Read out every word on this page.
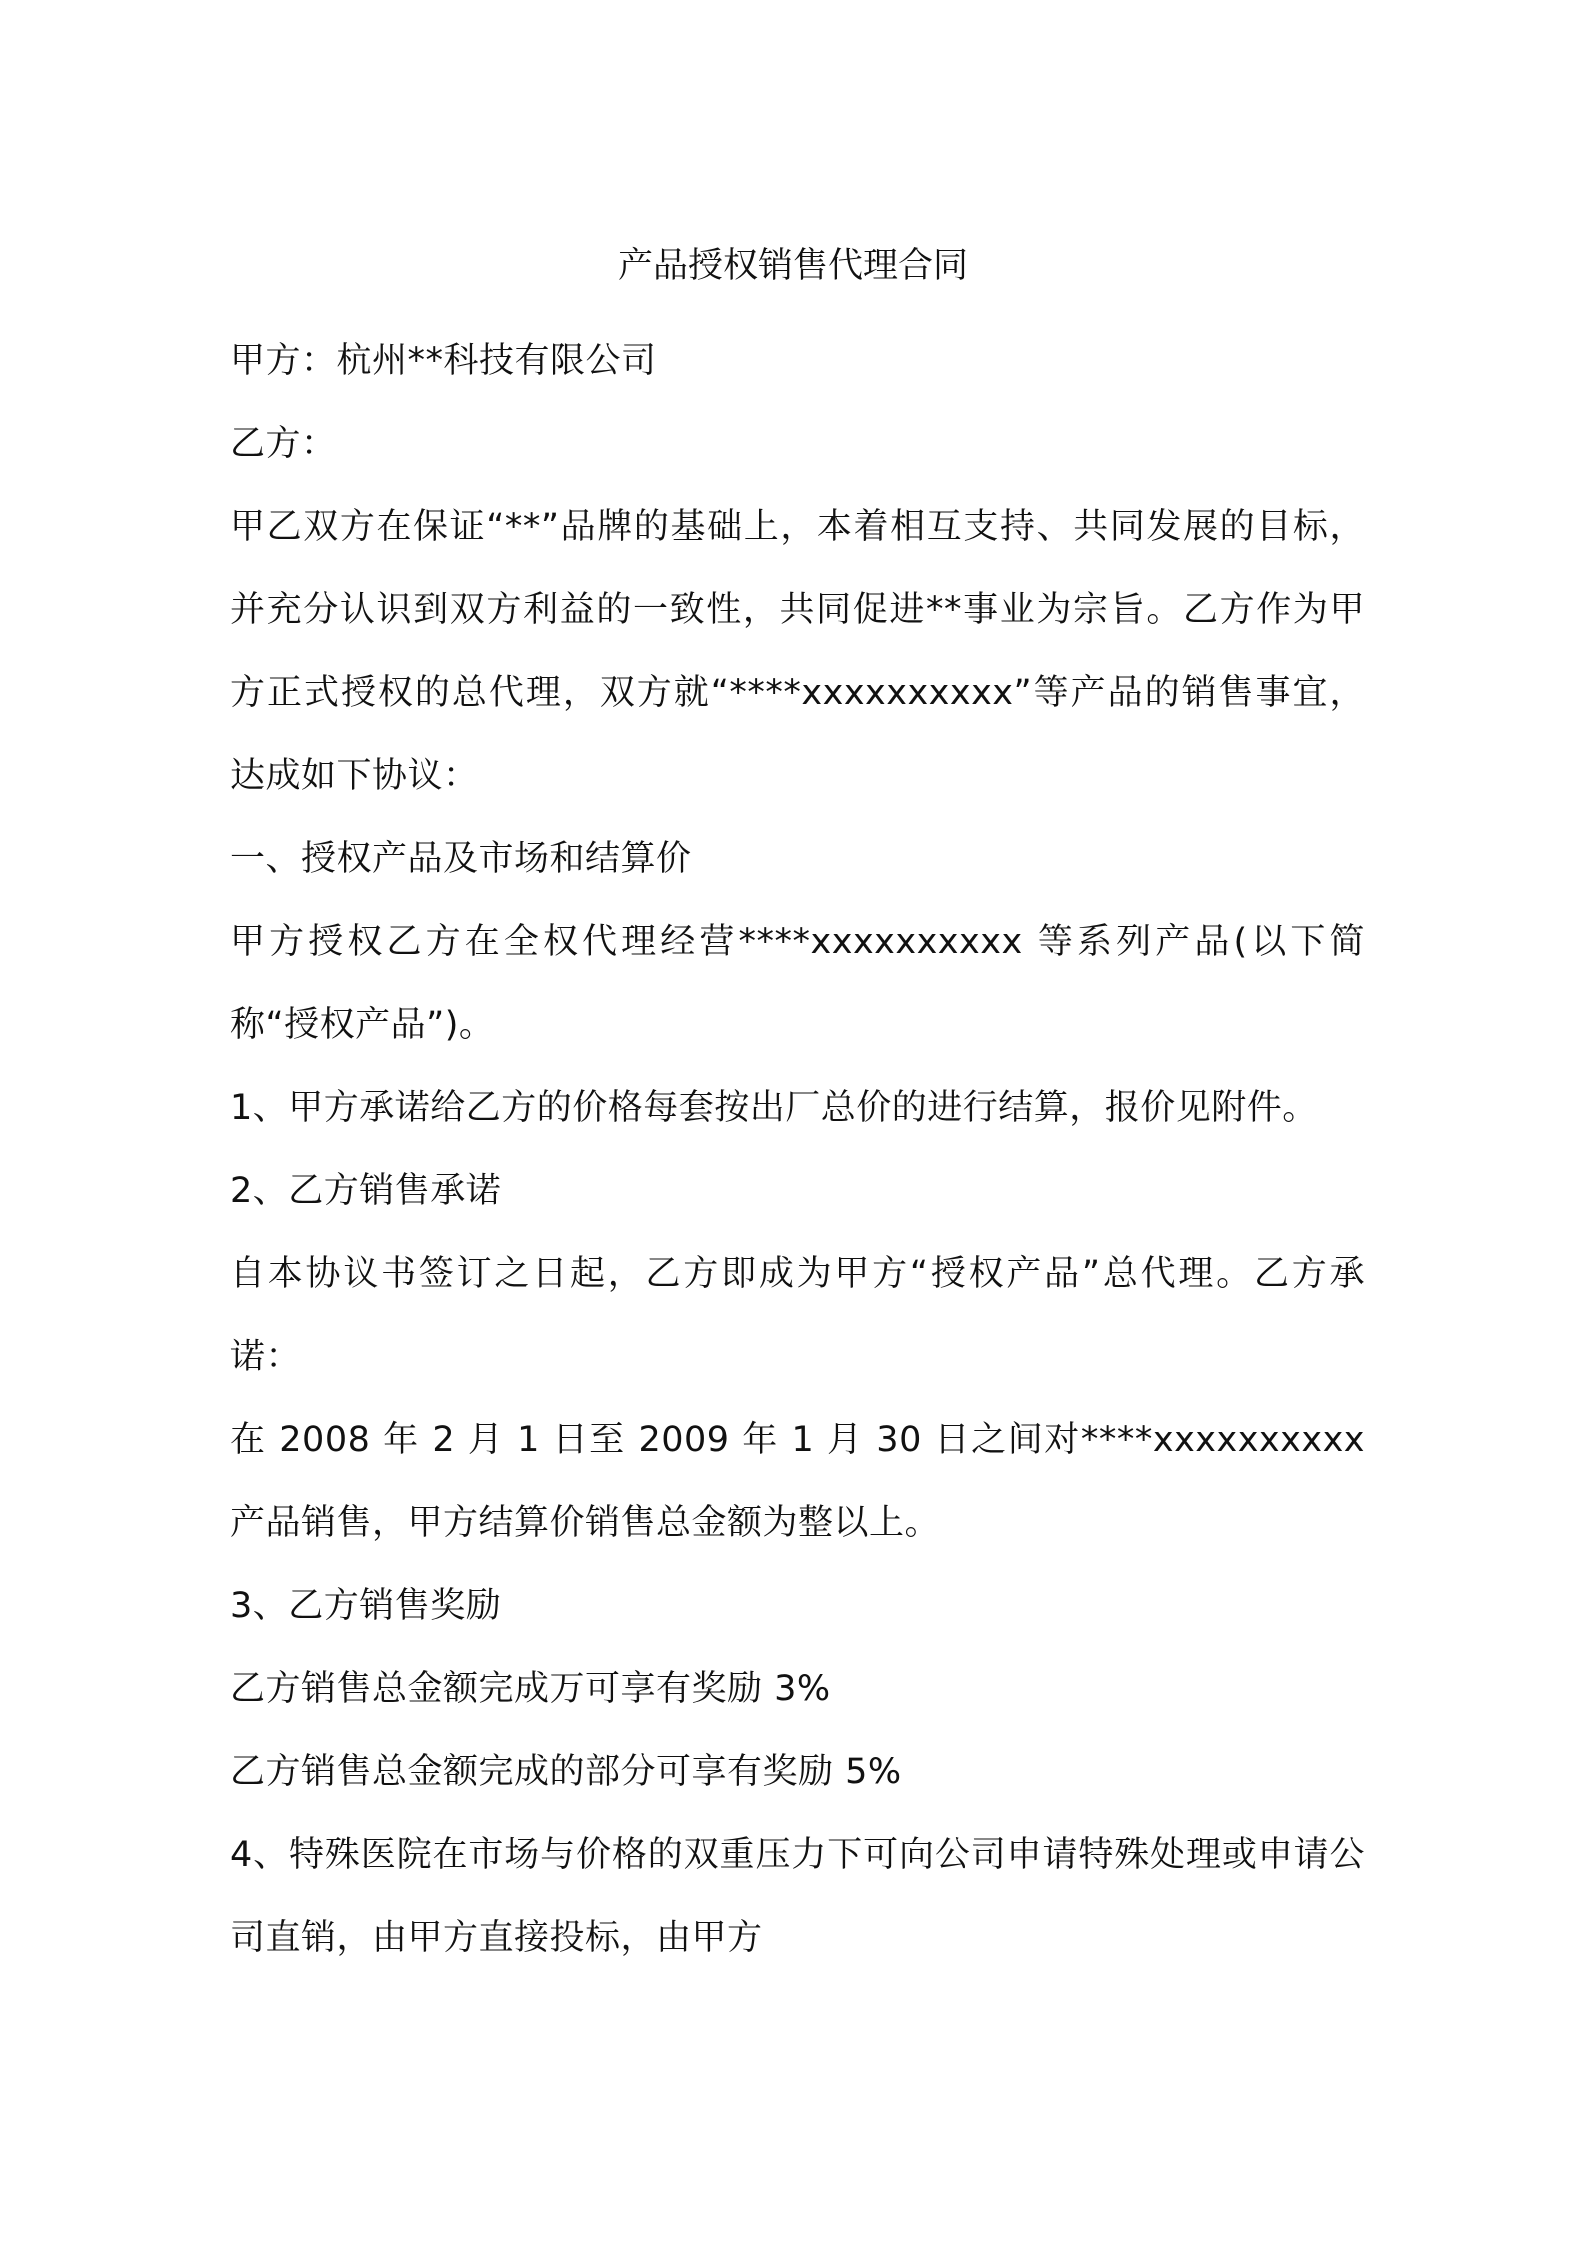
产品授权销售代理合同

甲方：杭州**科技有限公司

乙方：

甲乙双方在保证“**”品牌的基础上，本着相互支持、共同发展的目标，并充分认识到双方利益的一致性，共同促进**事业为宗旨。乙方作为甲方正式授权的总代理，双方就“****xxxxxxxxxx”等产品的销售事宜，达成如下协议：

一、授权产品及市场和结算价

甲方授权乙方在全权代理经营****xxxxxxxxxx 等系列产品(以下简称“授权产品”)。

1、甲方承诺给乙方的价格每套按出厂总价的进行结算，报价见附件。

2、乙方销售承诺

自本协议书签订之日起，乙方即成为甲方“授权产品”总代理。乙方承诺：

在 2008 年 2 月 1 日至 2009 年 1 月 30 日之间对****xxxxxxxxxx 产品销售，甲方结算价销售总金额为整以上。

3、乙方销售奖励

乙方销售总金额完成万可享有奖励 3%

乙方销售总金额完成的部分可享有奖励 5%

4、特殊医院在市场与价格的双重压力下可向公司申请特殊处理或申请公司直销，由甲方直接投标，由甲方
